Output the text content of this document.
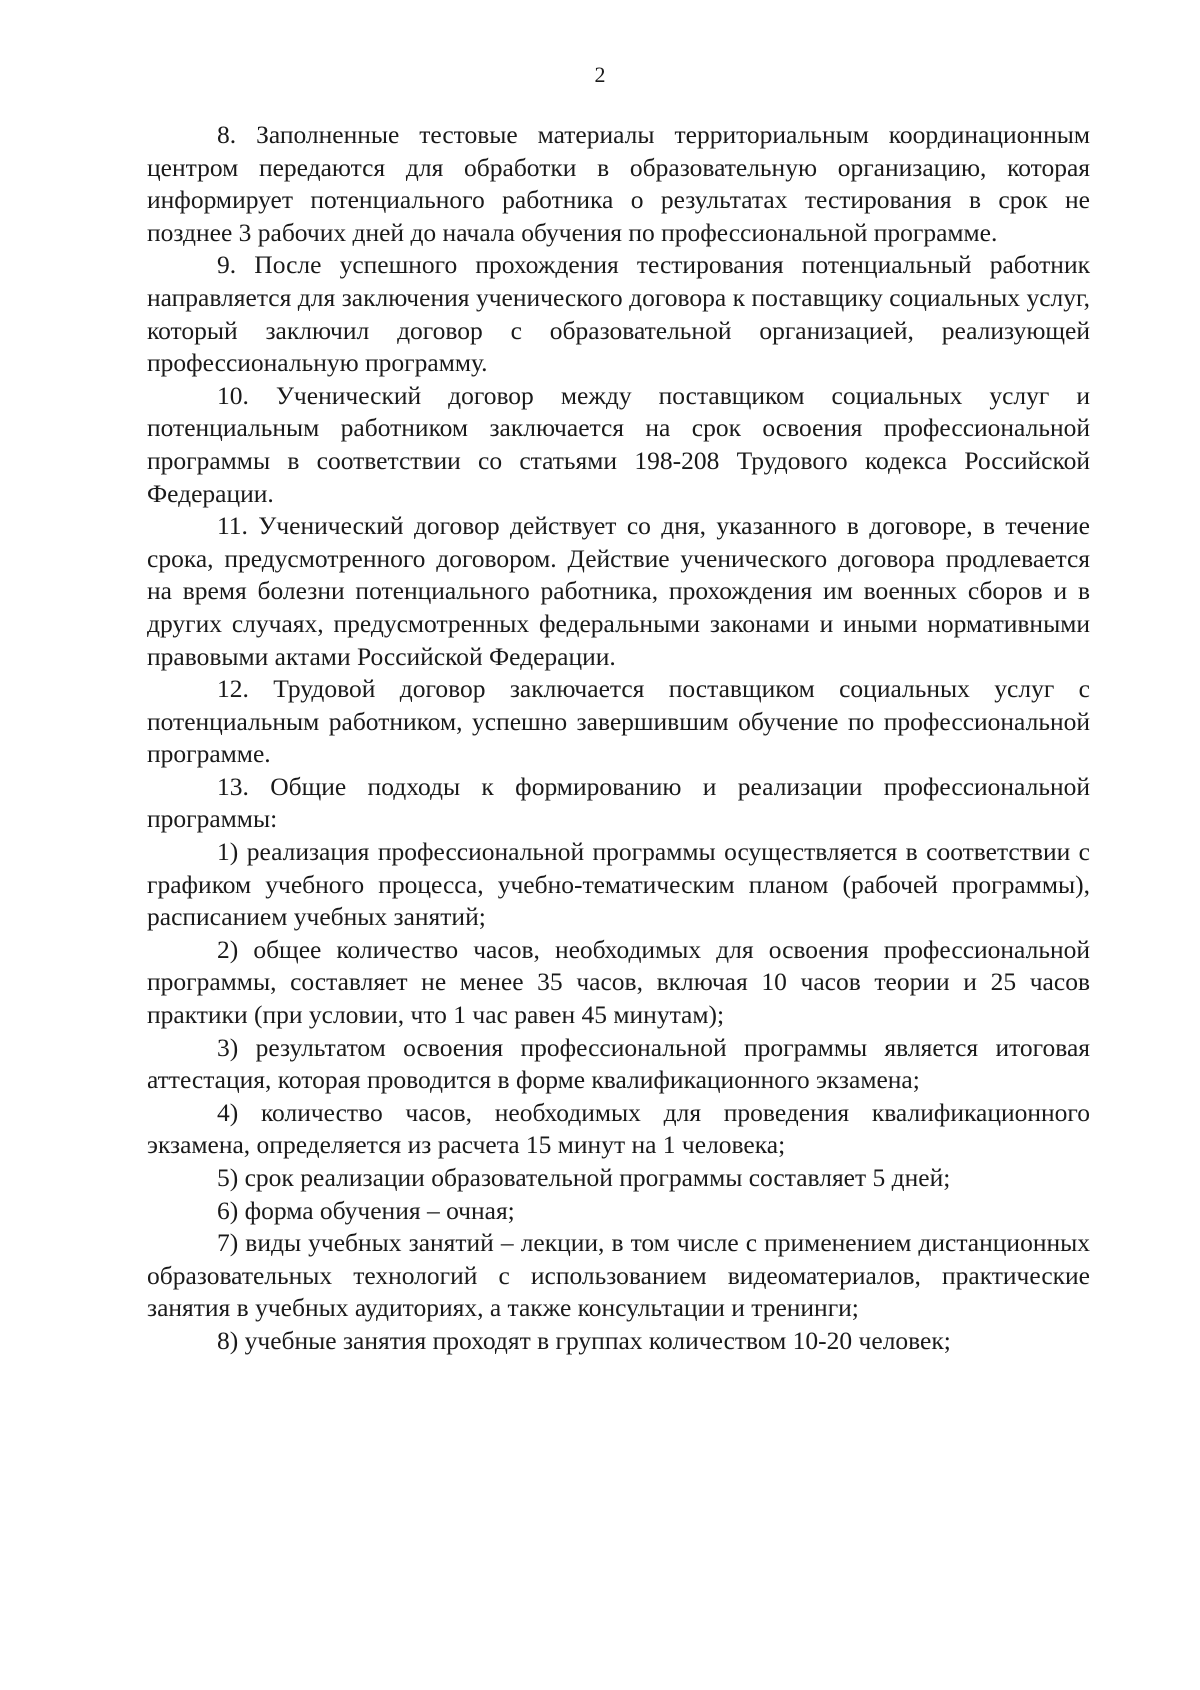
2

8. Заполненные тестовые материалы территориальным координационным центром передаются для обработки в образовательную организацию, которая информирует потенциального работника о результатах тестирования в срок не позднее 3 рабочих дней до начала обучения по профессиональной программе.

9. После успешного прохождения тестирования потенциальный работник направляется для заключения ученического договора к поставщику социальных услуг, который заключил договор с образовательной организацией, реализующей профессиональную программу.

10. Ученический договор между поставщиком социальных услуг и потенциальным работником заключается на срок освоения профессиональной программы в соответствии со статьями 198-208 Трудового кодекса Российской Федерации.

11. Ученический договор действует со дня, указанного в договоре, в течение срока, предусмотренного договором. Действие ученического договора продлевается на время болезни потенциального работника, прохождения им военных сборов и в других случаях, предусмотренных федеральными законами и иными нормативными правовыми актами Российской Федерации.

12. Трудовой договор заключается поставщиком социальных услуг с потенциальным работником, успешно завершившим обучение по профессиональной программе.

13. Общие подходы к формированию и реализации профессиональной программы:

1) реализация профессиональной программы осуществляется в соответствии с графиком учебного процесса, учебно-тематическим планом (рабочей программы), расписанием учебных занятий;

2) общее количество часов, необходимых для освоения профессиональной программы, составляет не менее 35 часов, включая 10 часов теории и 25 часов практики (при условии, что 1 час равен 45 минутам);

3) результатом освоения профессиональной программы является итоговая аттестация, которая проводится в форме квалификационного экзамена;

4) количество часов, необходимых для проведения квалификационного экзамена, определяется из расчета 15 минут на 1 человека;

5) срок реализации образовательной программы составляет 5 дней;

6) форма обучения – очная;

7) виды учебных занятий – лекции, в том числе с применением дистанционных образовательных технологий с использованием видеоматериалов, практические занятия в учебных аудиториях, а также консультации и тренинги;

8) учебные занятия проходят в группах количеством 10-20 человек;
